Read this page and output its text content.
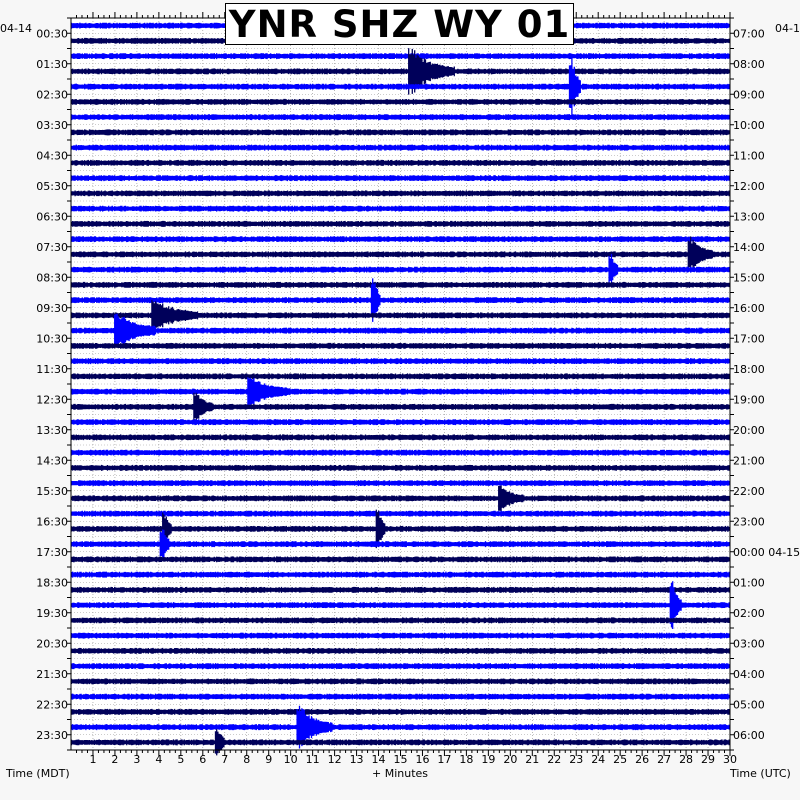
1 2 3 4 5 6 7 8 9 10 11 12 13 14 15 16 17 18 19 20 21 22 23 24 25 26 27 28 29 30
00:30
01:30
02:30
03:30
04:30
05:30
06:30
07:30
08:30
09:30
10:30
11:30
12:30
13:30
14:30
15:30
16:30
17:30
18:30
19:30
20:30
21:30
22:30
23:30
07:00
08:00
09:00
10:00
11:00
12:00
13:00
14:00
15:00
16:00
17:00
18:00
19:00
20:00
21:00
22:00
23:00
00:00 04-15
01:00
02:00
03:00
04:00
05:00
06:00
YNR SHZ WY 01
04-14	04-1
Time (MDT)	+ Minutes	Time (UTC)
